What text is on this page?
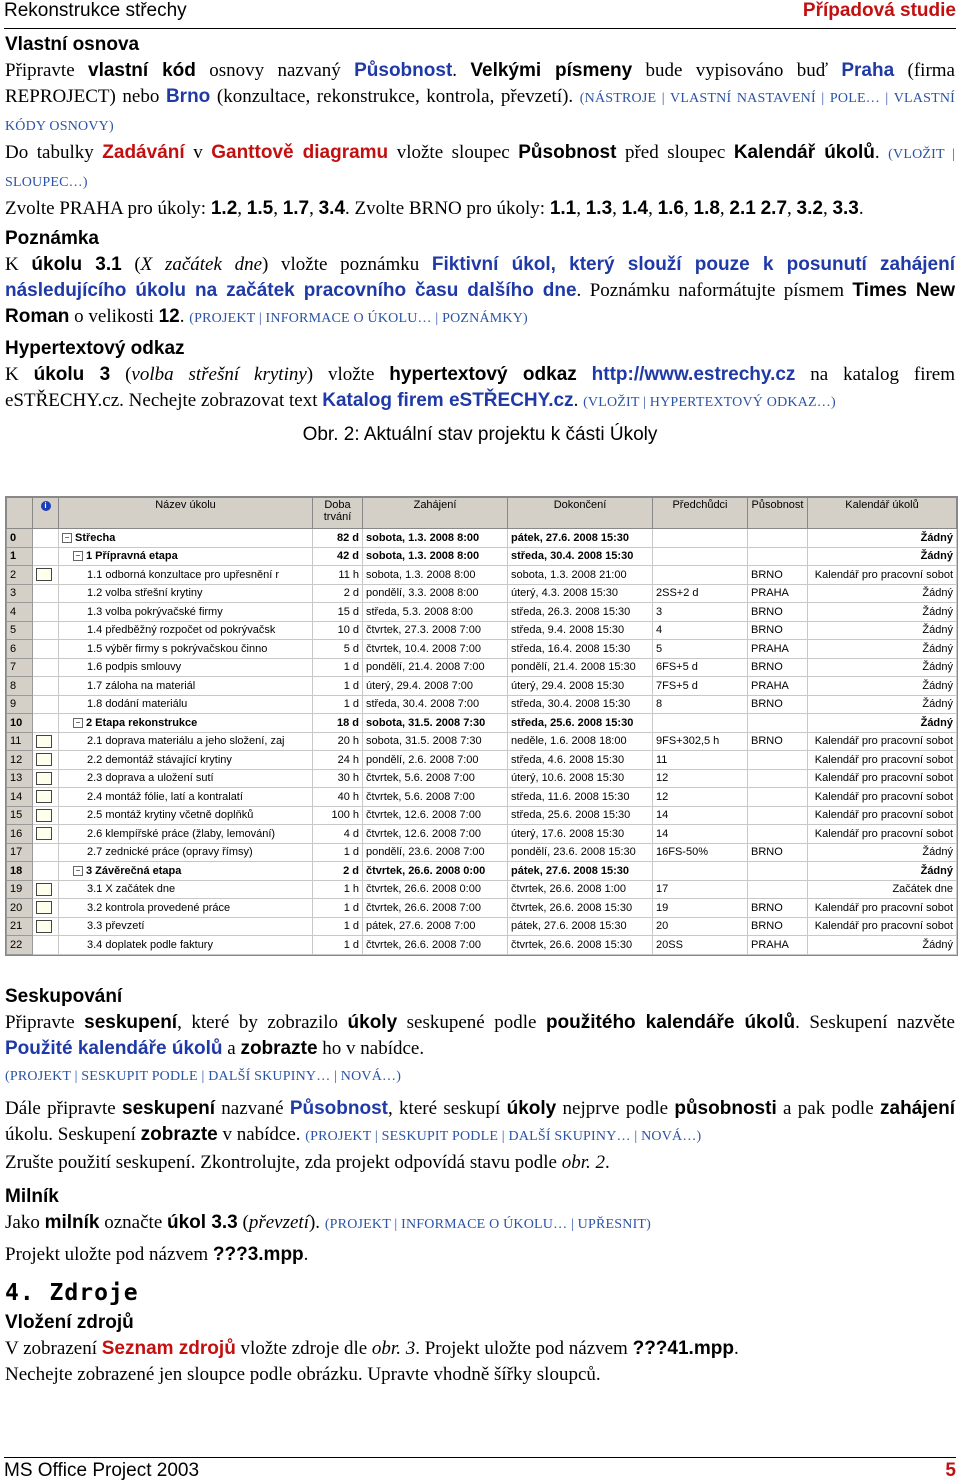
Rekonstrukce střechy	Případová studie
Vlastní osnova

Připravte vlastní kód osnovy nazvaný Působnost. Velkými písmeny bude vypisováno buď Praha (firma REPROJECT) nebo Brno (konzultace, rekonstrukce, kontrola, převzetí). (NÁSTROJE | VLASTNÍ NASTAVENÍ | POLE… | VLASTNÍ KÓDY OSNOVY)

Do tabulky Zadávání v Ganttově diagramu vložte sloupec Působnost před sloupec Kalendář úkolů. (VLOŽIT | SLOUPEC…)

Zvolte PRAHA pro úkoly: 1.2, 1.5, 1.7, 3.4. Zvolte BRNO pro úkoly: 1.1, 1.3, 1.4, 1.6, 1.8, 2.1 2.7, 3.2, 3.3.

Poznámka

K úkolu 3.1 (X začátek dne) vložte poznámku Fiktivní úkol, který slouží pouze k posunutí zahájení následujícího úkolu na začátek pracovního času dalšího dne. Poznámku naformátujte písmem Times New Roman o velikosti 12. (PROJEKT | INFORMACE O ÚKOLU… | POZNÁMKY)

Hypertextový odkaz

K úkolu 3 (volba střešní krytiny) vložte hypertextový odkaz http://www.estrechy.cz na katalog firem eSTŘECHY.cz. Nechejte zobrazovat text Katalog firem eSTŘECHY.cz. (VLOŽIT | HYPERTEXTOVÝ ODKAZ…)

Obr. 2: Aktuální stav projektu k části Úkoly
	i	Název úkolu	Doba trvání	Zahájení	Dokončení	Předchůdci	Působnost	Kalendář úkolů
0		− Střecha	82 d	sobota, 1.3. 2008 8:00	pátek, 27.6. 2008 15:30			Žádný
1		− 1 Přípravná etapa	42 d	sobota, 1.3. 2008 8:00	středa, 30.4. 2008 15:30			Žádný
2		1.1 odborná konzultace pro upřesnění r	11 h	sobota, 1.3. 2008 8:00	sobota, 1.3. 2008 21:00		BRNO	Kalendář pro pracovní sobot
3		1.2 volba střešní krytiny	2 d	pondělí, 3.3. 2008 8:00	úterý, 4.3. 2008 15:30	2SS+2 d	PRAHA	Žádný
4		1.3 volba pokrývačské firmy	15 d	středa, 5.3. 2008 8:00	středa, 26.3. 2008 15:30	3	BRNO	Žádný
5		1.4 předběžný rozpočet od pokrývačsk	10 d	čtvrtek, 27.3. 2008 7:00	středa, 9.4. 2008 15:30	4	BRNO	Žádný
6		1.5 výběr firmy s pokrývačskou činno	5 d	čtvrtek, 10.4. 2008 7:00	středa, 16.4. 2008 15:30	5	PRAHA	Žádný
7		1.6 podpis smlouvy	1 d	pondělí, 21.4. 2008 7:00	pondělí, 21.4. 2008 15:30	6FS+5 d	BRNO	Žádný
8		1.7 záloha na materiál	1 d	úterý, 29.4. 2008 7:00	úterý, 29.4. 2008 15:30	7FS+5 d	PRAHA	Žádný
9		1.8 dodání materiálu	1 d	středa, 30.4. 2008 7:00	středa, 30.4. 2008 15:30	8	BRNO	Žádný
10		− 2 Etapa rekonstrukce	18 d	sobota, 31.5. 2008 7:30	středa, 25.6. 2008 15:30			Žádný
11		2.1 doprava materiálu a jeho složení, zaj	20 h	sobota, 31.5. 2008 7:30	neděle, 1.6. 2008 18:00	9FS+302,5 h	BRNO	Kalendář pro pracovní sobot
12		2.2 demontáž stávající krytiny	24 h	pondělí, 2.6. 2008 7:00	středa, 4.6. 2008 15:30	11		Kalendář pro pracovní sobot
13		2.3 doprava a uložení sutí	30 h	čtvrtek, 5.6. 2008 7:00	úterý, 10.6. 2008 15:30	12		Kalendář pro pracovní sobot
14		2.4 montáž fólie, latí a kontralatí	40 h	čtvrtek, 5.6. 2008 7:00	středa, 11.6. 2008 15:30	12		Kalendář pro pracovní sobot
15		2.5 montáž krytiny včetně doplňků	100 h	čtvrtek, 12.6. 2008 7:00	středa, 25.6. 2008 15:30	14		Kalendář pro pracovní sobot
16		2.6 klempířské práce (žlaby, lemování)	4 d	čtvrtek, 12.6. 2008 7:00	úterý, 17.6. 2008 15:30	14		Kalendář pro pracovní sobot
17		2.7 zednické práce (opravy římsy)	1 d	pondělí, 23.6. 2008 7:00	pondělí, 23.6. 2008 15:30	16FS-50%	BRNO	Žádný
18		− 3 Závěrečná etapa	2 d	čtvrtek, 26.6. 2008 0:00	pátek, 27.6. 2008 15:30			Žádný
19		3.1 X začátek dne	1 h	čtvrtek, 26.6. 2008 0:00	čtvrtek, 26.6. 2008 1:00	17		Začátek dne
20		3.2 kontrola provedené práce	1 d	čtvrtek, 26.6. 2008 7:00	čtvrtek, 26.6. 2008 15:30	19	BRNO	Kalendář pro pracovní sobot
21		3.3 převzetí	1 d	pátek, 27.6. 2008 7:00	pátek, 27.6. 2008 15:30	20	BRNO	Kalendář pro pracovní sobot
22		3.4 doplatek podle faktury	1 d	čtvrtek, 26.6. 2008 7:00	čtvrtek, 26.6. 2008 15:30	20SS	PRAHA	Žádný
Seskupování

Připravte seskupení, které by zobrazilo úkoly seskupené podle použitého kalendáře úkolů. Seskupení nazvěte Použité kalendáře úkolů a zobrazte ho v nabídce.
(PROJEKT | SESKUPIT PODLE | DALŠÍ SKUPINY… | NOVÁ…)

Dále připravte seskupení nazvané Působnost, které seskupí úkoly nejprve podle působnosti a pak podle zahájení úkolu. Seskupení zobrazte v nabídce. (PROJEKT | SESKUPIT PODLE | DALŠÍ SKUPINY… | NOVÁ…)

Zrušte použití seskupení. Zkontrolujte, zda projekt odpovídá stavu podle obr. 2.

Milník

Jako milník označte úkol 3.3 (převzetí). (PROJEKT | INFORMACE O ÚKOLU… | UPŘESNIT)

Projekt uložte pod názvem ???3.mpp.

4. Zdroje
Vložení zdrojů

V zobrazení Seznam zdrojů vložte zdroje dle obr. 3. Projekt uložte pod názvem ???41.mpp.

Nechejte zobrazené jen sloupce podle obrázku. Upravte vhodně šířky sloupců.

MS Office Project 2003	5
